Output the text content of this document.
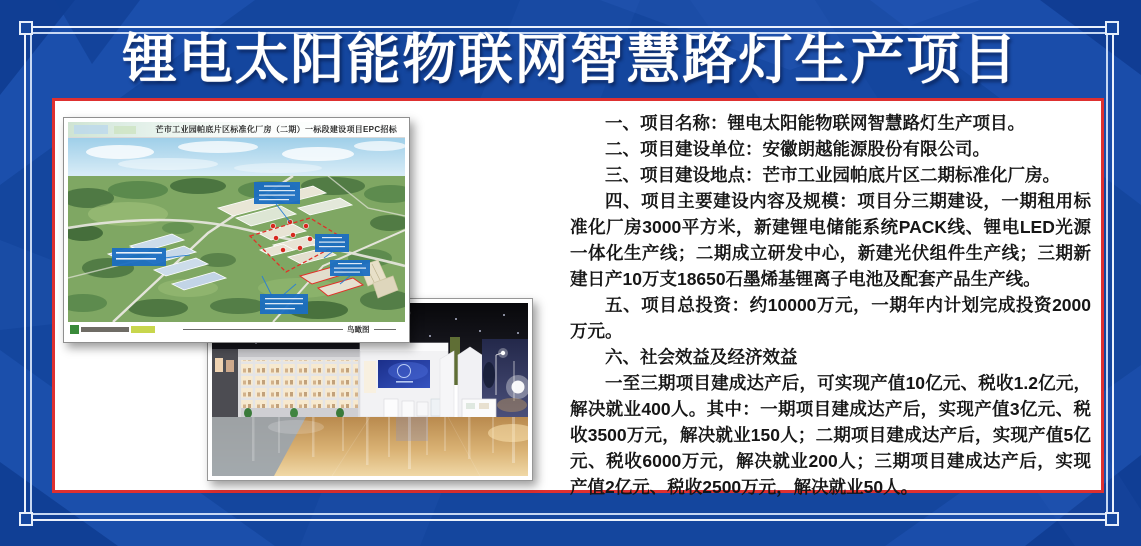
锂电太阳能物联网智慧路灯生产项目
芒市工业园帕底片区标准化厂房（二期）一标段建设项目EPC招标
鸟瞰图

一、项目名称：锂电太阳能物联网智慧路灯生产项目。

二、项目建设单位：安徽朗越能源股份有限公司。

三、项目建设地点：芒市工业园帕底片区二期标准化厂房。

四、项目主要建设内容及规模：项目分三期建设，一期租用标准化厂房3000平方米，新建锂电储能系统PACK线、锂电LED光源一体化生产线；二期成立研发中心，新建光伏组件生产线；三期新建日产10万支18650石墨烯基锂离子电池及配套产品生产线。

五、项目总投资：约10000万元，一期年内计划完成投资2000万元。

六、社会效益及经济效益

一至三期项目建成达产后，可实现产值10亿元、税收1.2亿元，解决就业400人。其中：一期项目建成达产后，实现产值3亿元、税收3500万元，解决就业150人；二期项目建成达产后，实现产值5亿元、税收6000万元，解决就业200人；三期项目建成达产后，实现产值2亿元、税收2500万元，解决就业50人。
